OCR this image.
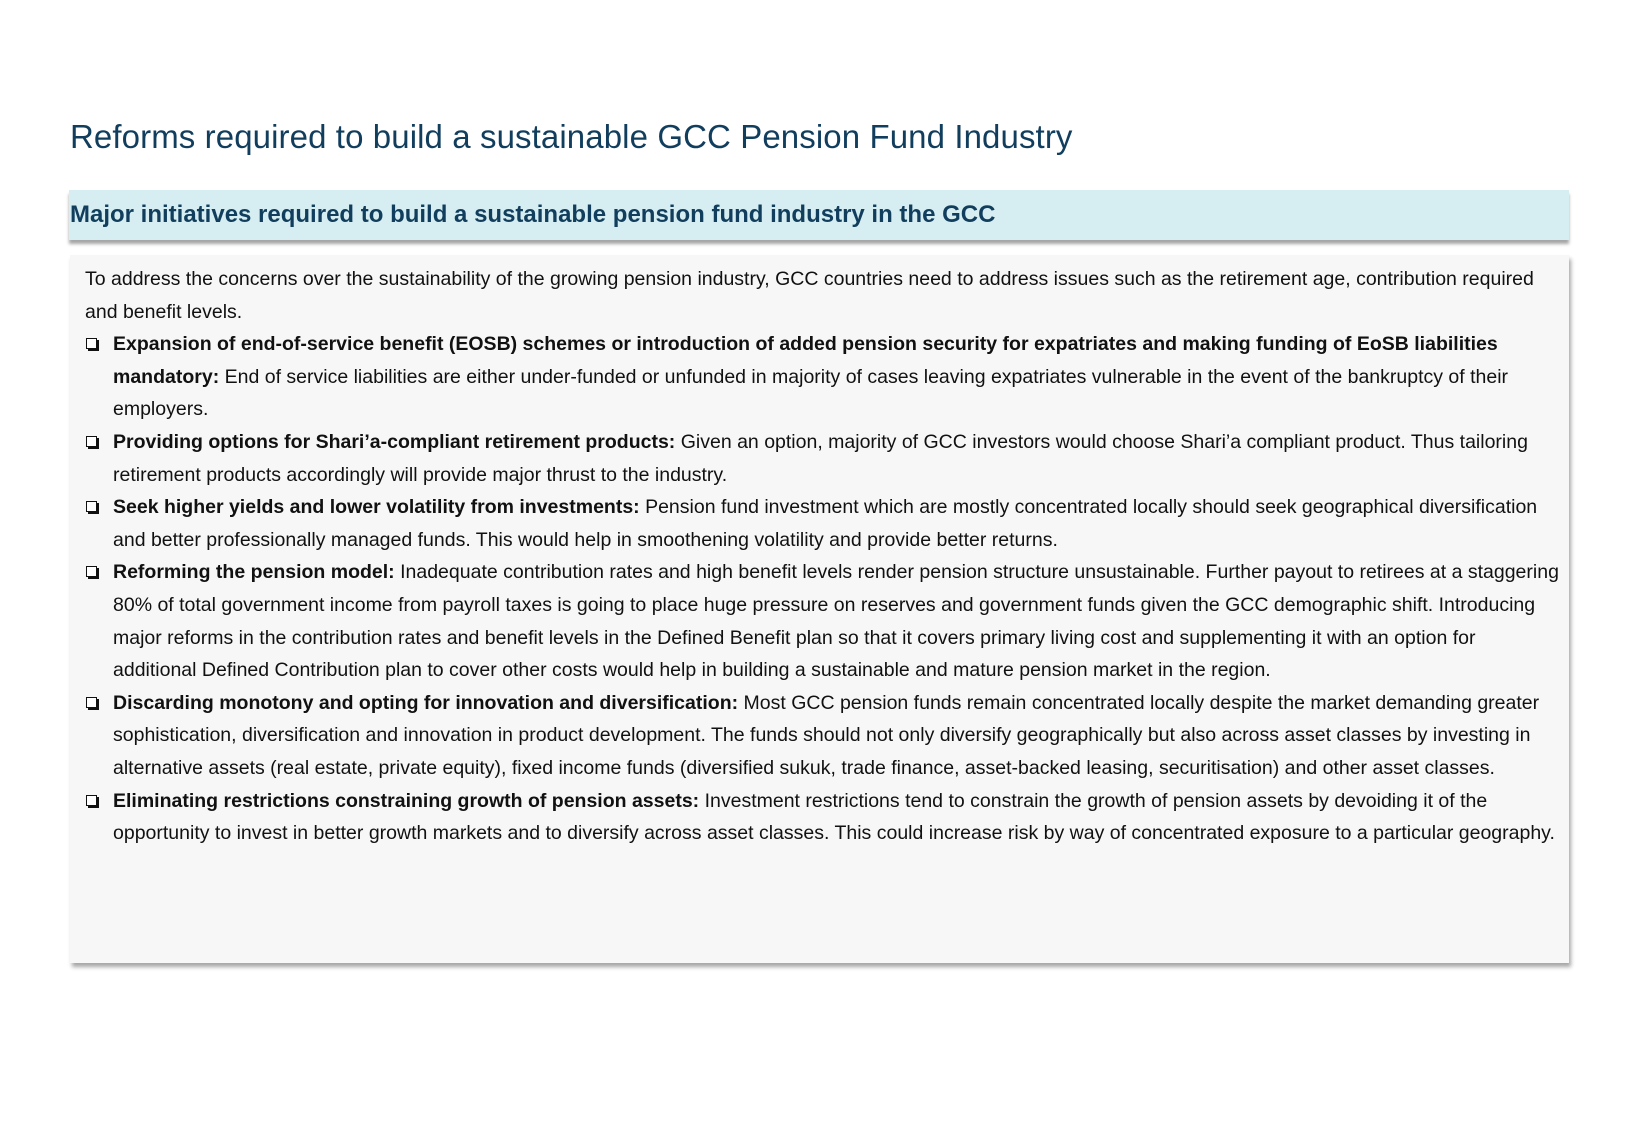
Reforms required to build a sustainable GCC Pension Fund Industry
Major initiatives required to build a sustainable pension fund industry in the GCC

To address the concerns over the sustainability of the growing pension industry, GCC countries need to address issues such as the retirement age, contribution required and benefit levels.

Expansion of end-of-service benefit (EOSB) schemes or introduction of added pension security for expatriates and making funding of EoSB liabilities mandatory: End of service liabilities are either under-funded or unfunded in majority of cases leaving expatriates vulnerable in the event of the bankruptcy of their employers.
Providing options for Shari’a-compliant retirement products: Given an option, majority of GCC investors would choose Shari’a compliant product. Thus tailoring retirement products accordingly will provide major thrust to the industry.
Seek higher yields and lower volatility from investments: Pension fund investment which are mostly concentrated locally should seek geographical diversification and better professionally managed funds. This would help in smoothening volatility and provide better returns.
Reforming the pension model: Inadequate contribution rates and high benefit levels render pension structure unsustainable. Further payout to retirees at a staggering 80% of total government income from payroll taxes is going to place huge pressure on reserves and government funds given the GCC demographic shift. Introducing major reforms in the contribution rates and benefit levels in the Defined Benefit plan so that it covers primary living cost and supplementing it with an option for additional Defined Contribution plan to cover other costs would help in building a sustainable and mature pension market in the region.
Discarding monotony and opting for innovation and diversification: Most GCC pension funds remain concentrated locally despite the market demanding greater sophistication, diversification and innovation in product development. The funds should not only diversify geographically but also across asset classes by investing in alternative assets (real estate, private equity), fixed income funds (diversified sukuk, trade finance, asset-backed leasing, securitisation) and other asset classes.
Eliminating restrictions constraining growth of pension assets: Investment restrictions tend to constrain the growth of pension assets by devoiding it of the opportunity to invest in better growth markets and to diversify across asset classes. This could increase risk by way of concentrated exposure to a particular geography.
